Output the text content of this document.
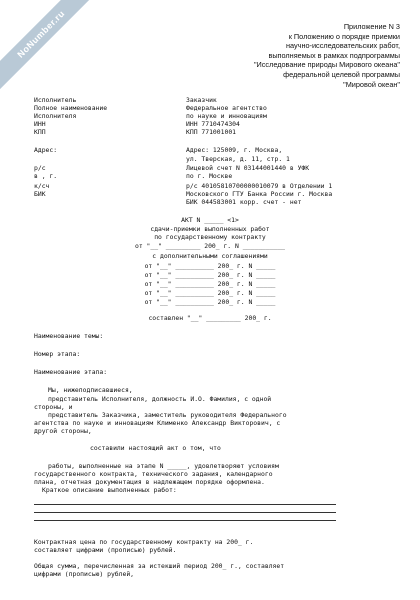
NoNumber.ru	Приложение N 3
к Положению о порядке приемки
научно-исследовательских работ,
выполняемых в рамках подпрограммы
"Исследование природы Мирового океана"
федеральной целевой программы
"Мировой океан"
Исполнитель
Полное наименование
Исполнителя
ИНН
КПП
Адрес:
р/с
в , г.
к/сч
БИК
Заказчик
Федеральное агентство
по науке и инновациям
ИНН 7710474304
КПП 771001001
Адрес: 125009, г. Москва,
ул. Тверская, д. 11, стр. 1
Лицевой счет N 03144001440 в УФК
по г. Москве
р/с 40105810700000010079 в Отделении 1
Московского ГТУ Банка России г. Москва
БИК 044583001 корр. счет - нет
АКТ N _____ <1>
сдачи-приемки выполненных работ
по государственному контракту
от "__" _________ 200_ г. N ___________
с дополнительными соглашениями
от "__" __________ 200_ г. N _____
от "__" __________ 200_ г. N _____
от "__" __________ 200_ г. N _____
от "__" __________ 200_ г. N _____
от "__" __________ 200_ г. N _____
составлен "__" _________ 200_ г.
Наименование темы:
Номер этапа:
Наименование этапа:
Мы, нижеподписавшиеся,
представитель Исполнителя, должность И.О. Фамилия, с одной
стороны, и
представитель Заказчика, заместитель руководителя Федерального
агентства по науке и инновациям Клименко Александр Викторович, с
другой стороны,
составили настоящий акт о том, что
работы, выполненные на этапе N _____, удовлетворяют условиям
государственного контракта, технического задания, календарного
плана, отчетная документация в надлежащем порядке оформлена.
Краткое описание выполненных работ:
Контрактная цена по государственному контракту на 200_ г.
составляет цифрами (прописью) рублей.
Общая сумма, перечисленная за истекший период 200_ г., составляет
цифрами (прописью) рублей,
